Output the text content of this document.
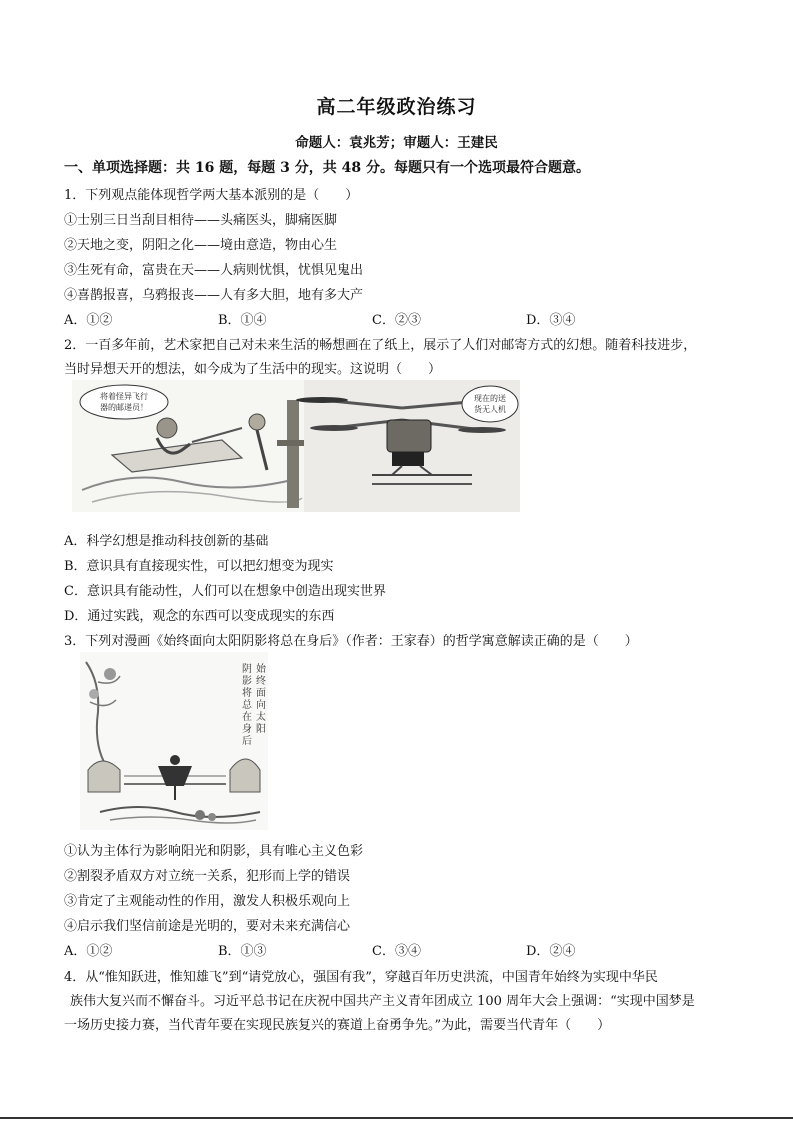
高二年级政治练习
命题人：袁兆芳；审题人：王建民
一、单项选择题：共 16 题，每题 3 分，共 48 分。每题只有一个选项最符合题意。
1．下列观点能体现哲学两大基本派别的是（　　）
①士别三日当刮目相待——头痛医头，脚痛医脚
②天地之变，阴阳之化——境由意造，物由心生
③生死有命，富贵在天——人病则忧惧，忧惧见鬼出
④喜鹊报喜，乌鸦报丧——人有多大胆，地有多大产
A．①②	B．①④	C．②③	D．③④
2．一百多年前，艺术家把自己对未来生活的畅想画在了纸上，展示了人们对邮寄方式的幻想。随着科技进步，
当时异想天开的想法，如今成为了生活中的现实。这说明（　　）
将着怪异飞行
器的邮递员！
现在的送
货无人机
A．科学幻想是推动科技创新的基础
B．意识具有直接现实性，可以把幻想变为现实
C．意识具有能动性，人们可以在想象中创造出现实世界
D．通过实践，观念的东西可以变成现实的东西
3．下列对漫画《始终面向太阳阴影将总在身后》（作者：王家春）的哲学寓意解读正确的是（　　）
始终面向太阳 阴影将总在身后
①认为主体行为影响阳光和阴影，具有唯心主义色彩
②割裂矛盾双方对立统一关系，犯形而上学的错误
③肯定了主观能动性的作用，激发人积极乐观向上
④启示我们坚信前途是光明的，要对未来充满信心
A．①②	B．①③	C．③④	D．②④
4．从“惟知跃进，惟知雄飞”到“请党放心，强国有我”，穿越百年历史洪流，中国青年始终为实现中华民
族伟大复兴而不懈奋斗。习近平总书记在庆祝中国共产主义青年团成立 100 周年大会上强调：“实现中国梦是
一场历史接力赛，当代青年要在实现民族复兴的赛道上奋勇争先。”为此，需要当代青年（　　）
